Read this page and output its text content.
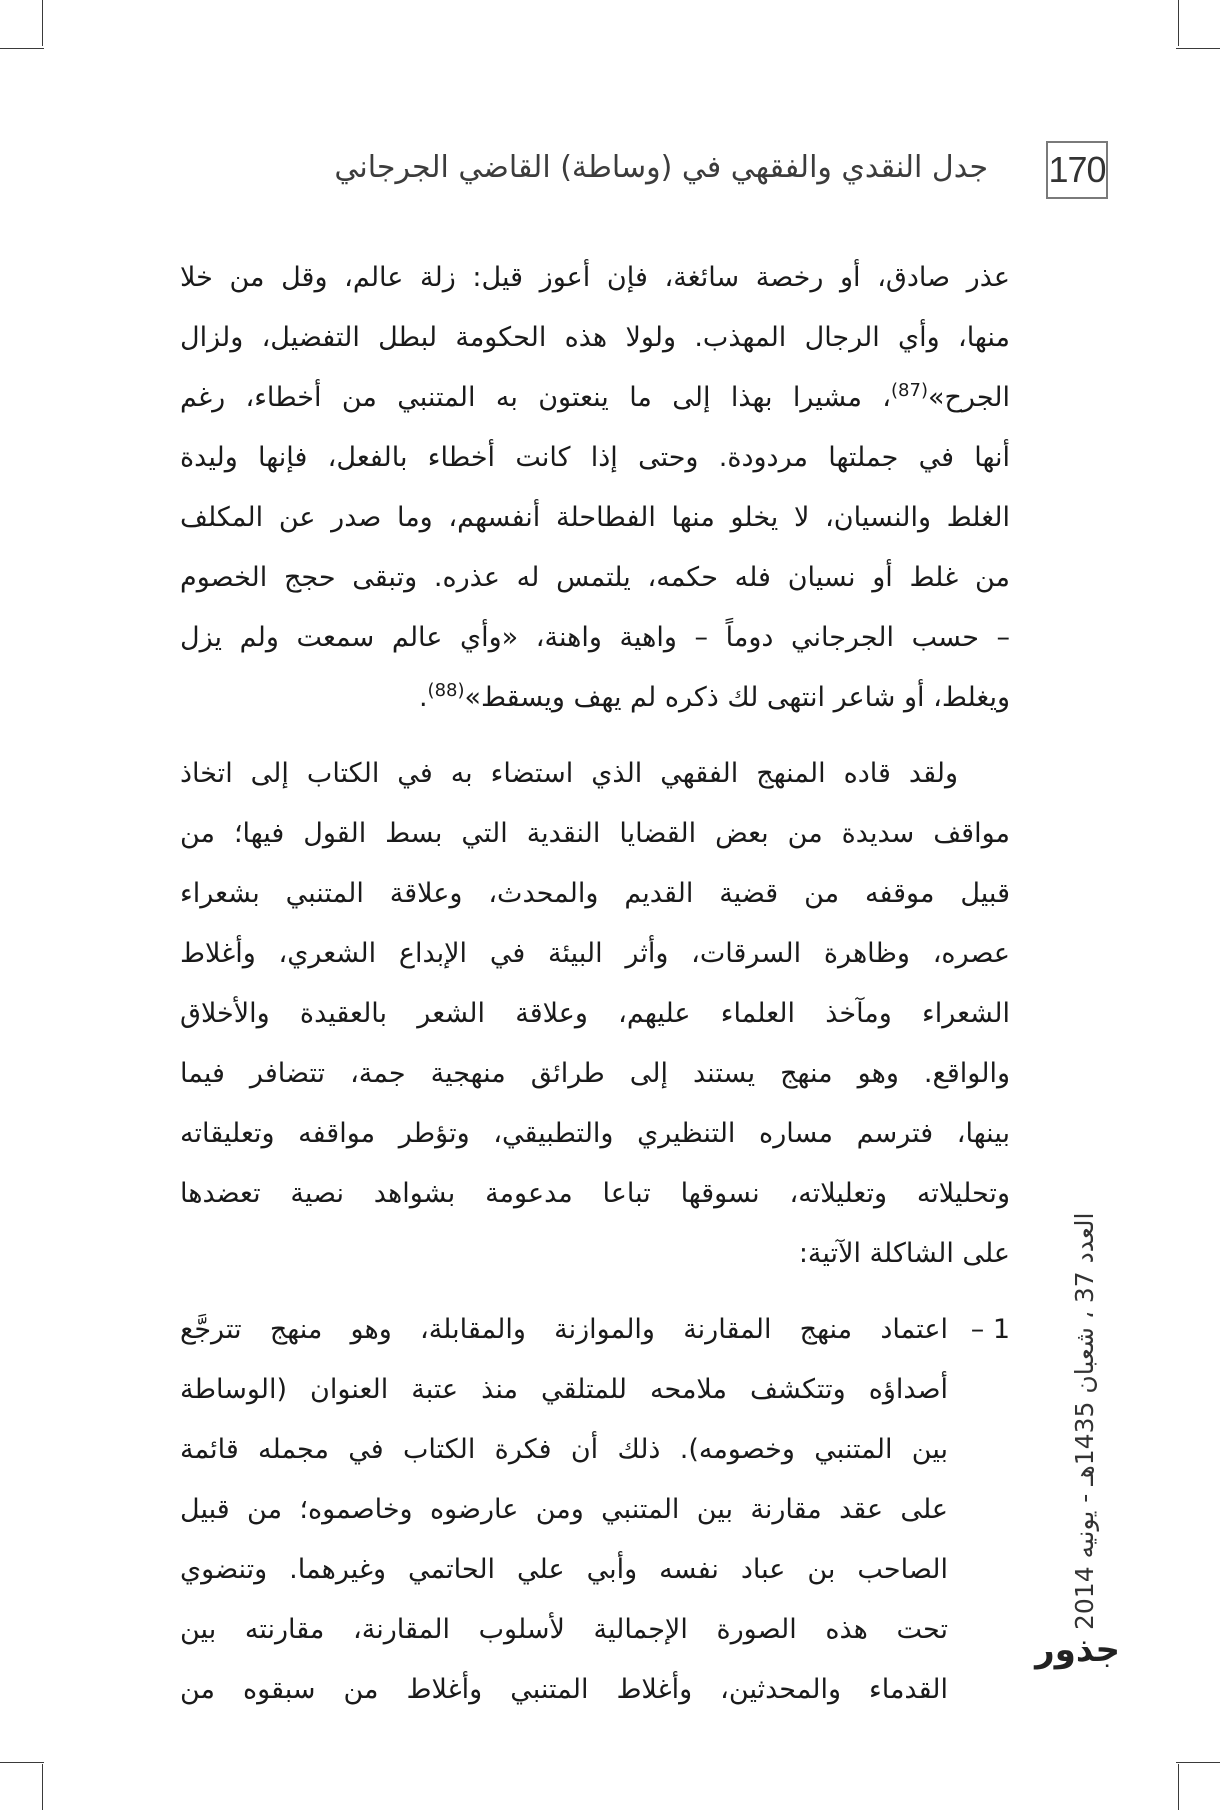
170
جدل النقدي والفقهي في (وساطة) القاضي الجرجاني
عذر صادق، أو رخصة سائغة، فإن أعوز قيل: زلة عالم، وقل من خلا
منها، وأي الرجال المهذب. ولولا هذه الحكومة لبطل التفضيل، ولزال
الجرح»$^{(87)}$، مشيرا بهذا إلى ما ينعتون به المتنبي من أخطاء، رغم
أنها في جملتها مردودة. وحتى إذا كانت أخطاء بالفعل، فإنها وليدة
الغلط والنسيان، لا يخلو منها الفطاحلة أنفسهم، وما صدر عن المكلف
من غلط أو نسيان فله حكمه، يلتمس له عذره. وتبقى حجج الخصوم
– حسب الجرجاني دوماً – واهية واهنة، «وأي عالم سمعت ولم يزل
ويغلط، أو شاعر انتهى لك ذكره لم يهف ويسقط»$^{(88)}$.
ولقد قاده المنهج الفقهي الذي استضاء به في الكتاب إلى اتخاذ
مواقف سديدة من بعض القضايا النقدية التي بسط القول فيها؛ من
قبيل موقفه من قضية القديم والمحدث، وعلاقة المتنبي بشعراء
عصره، وظاهرة السرقات، وأثر البيئة في الإبداع الشعري، وأغلاط
الشعراء ومآخذ العلماء عليهم، وعلاقة الشعر بالعقيدة والأخلاق
والواقع. وهو منهج يستند إلى طرائق منهجية جمة، تتضافر فيما
بينها، فترسم مساره التنظيري والتطبيقي، وتؤطر مواقفه وتعليقاته
وتحليلاته وتعليلاته، نسوقها تباعا مدعومة بشواهد نصية تعضدها
على الشاكلة الآتية:
1 –
اعتماد منهج المقارنة والموازنة والمقابلة، وهو منهج تترجَّع
أصداؤه وتتكشف ملامحه للمتلقي منذ عتبة العنوان (الوساطة
بين المتنبي وخصومه). ذلك أن فكرة الكتاب في مجمله قائمة
على عقد مقارنة بين المتنبي ومن عارضوه وخاصموه؛ من قبيل
الصاحب بن عباد نفسه وأبي علي الحاتمي وغيرهما. وتنضوي
تحت هذه الصورة الإجمالية لأسلوب المقارنة، مقارنته بين
القدماء والمحدثين، وأغلاط المتنبي وأغلاط من سبقوه من
العدد 37 ، شعبان 1435هـ - يونيه 2014
جذور
